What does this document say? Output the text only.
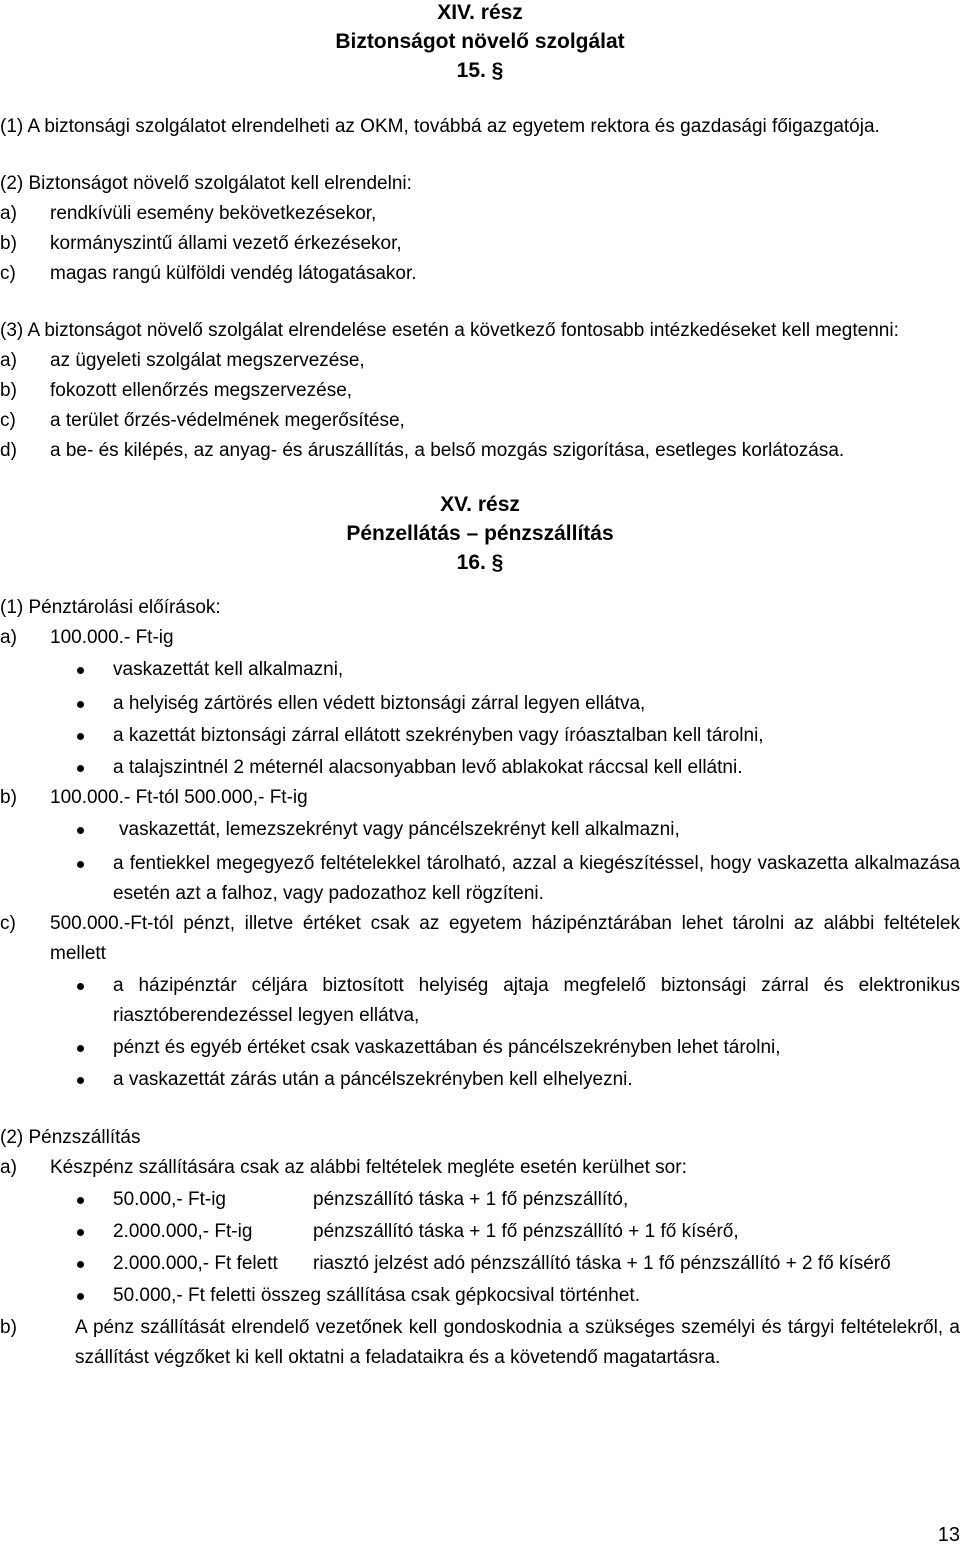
XIV. rész
Biztonságot növelő szolgálat
15. §
(1) A biztonsági szolgálatot elrendelheti az OKM, továbbá az egyetem rektora és gazdasági főigazgatója.
(2) Biztonságot növelő szolgálatot kell elrendelni:
a)	rendkívüli esemény bekövetkezésekor,
b)	kormányszintű állami vezető érkezésekor,
c)	magas rangú külföldi vendég látogatásakor.
(3) A biztonságot növelő szolgálat elrendelése esetén a következő fontosabb intézkedéseket kell megtenni:
a)	az ügyeleti szolgálat megszervezése,
b)	fokozott ellenőrzés megszervezése,
c)	a terület őrzés-védelmének megerősítése,
d)	a be- és kilépés, az anyag- és áruszállítás, a belső mozgás szigorítása, esetleges korlátozása.
XV. rész
Pénzellátás – pénzszállítás
16. §
(1) Pénztárolási előírások:
a)	100.000.- Ft-ig
vaskazettát kell alkalmazni,
a helyiség zártörés ellen védett biztonsági zárral legyen ellátva,
a kazettát biztonsági zárral ellátott szekrényben vagy íróasztalban kell tárolni,
a talajszintnél 2 méternél alacsonyabban levő ablakokat ráccsal kell ellátni.
b)	100.000.- Ft-tól 500.000,- Ft-ig
vaskazettát, lemezszekrényt vagy páncélszekrényt kell alkalmazni,
a fentiekkel megegyező feltételekkel tárolható, azzal a kiegészítéssel, hogy vaskazetta alkalmazása esetén azt a falhoz, vagy padozathoz kell rögzíteni.
c)	500.000.-Ft-tól pénzt, illetve értéket csak az egyetem házipénztárában lehet tárolni az alábbi feltételek mellett
a házipénztár céljára biztosított helyiség ajtaja megfelelő biztonsági zárral és elektronikus riasztóberendezéssel legyen ellátva,
pénzt és egyéb értéket csak vaskazettában és páncélszekrényben lehet tárolni,
a vaskazettát zárás után a páncélszekrényben kell elhelyezni.
(2) Pénzszállítás
a)	Készpénz szállítására csak az alábbi feltételek megléte esetén kerülhet sor:
50.000,- Ft-ig	pénzszállító táska + 1 fő pénzszállító,
2.000.000,- Ft-ig	pénzszállító táska + 1 fő pénzszállító + 1 fő kísérő,
2.000.000,- Ft felett	riasztó jelzést adó pénzszállító táska + 1 fő pénzszállító + 2 fő kísérő
50.000,- Ft feletti összeg szállítása csak gépkocsival történhet.
b)	A pénz szállítását elrendelő vezetőnek kell gondoskodnia a szükséges személyi és tárgyi feltételekről, a szállítást végzőket ki kell oktatni a feladataikra és a követendő magatartásra.
13
